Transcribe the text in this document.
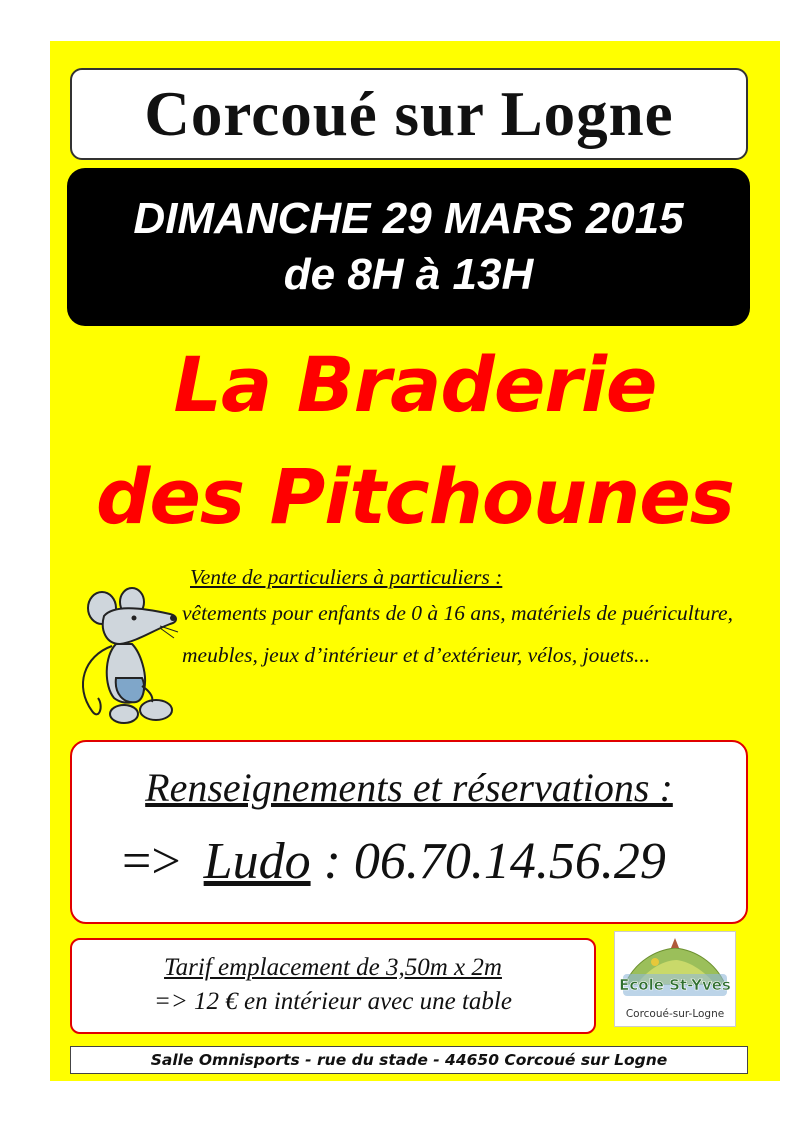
Corcoué sur Logne
DIMANCHE 29 MARS 2015
de 8H à 13H
La Braderie
des Pitchounes
Vente de particuliers à particuliers :
vêtements pour enfants de 0 à 16 ans, matériels de puériculture, meubles, jeux d’intérieur et d’extérieur, vélos, jouets...
Renseignements et réservations :
=> Ludo : 06.70.14.56.29
Tarif emplacement de 3,50m x 2m
=> 12 € en intérieur avec une table
Ecole St-Yves
Corcoué-sur-Logne
Salle Omnisports - rue du stade - 44650 Corcoué sur Logne
